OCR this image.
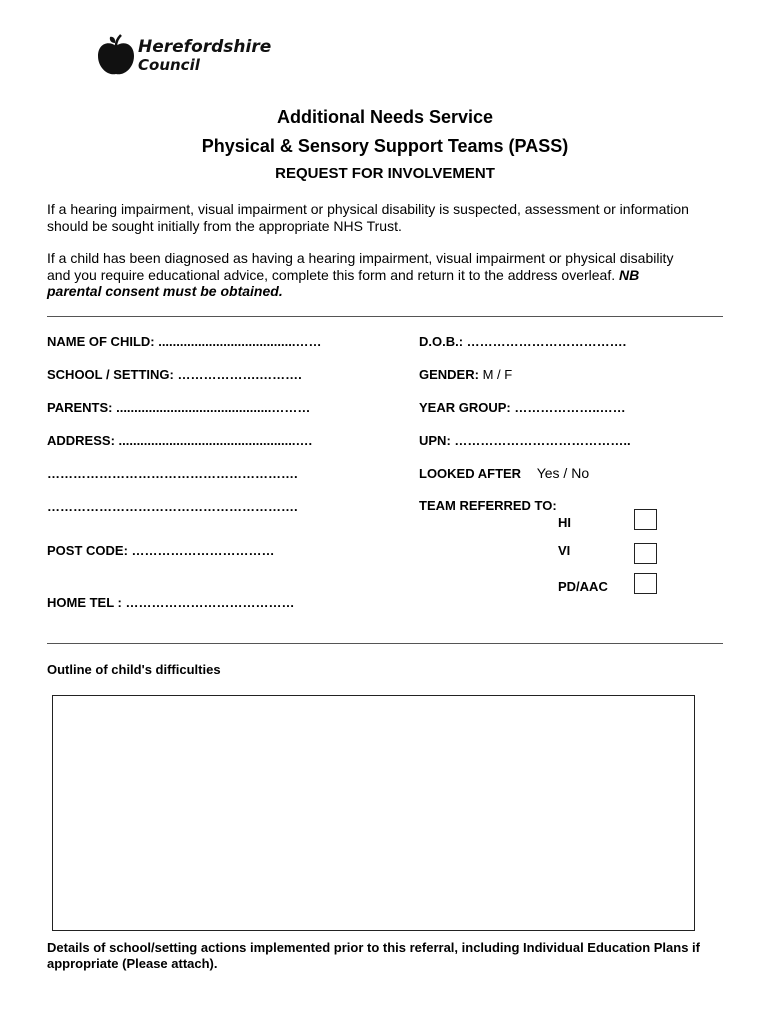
Herefordshire
Council
Additional Needs Service
Physical & Sensory Support Teams (PASS)
REQUEST FOR INVOLVEMENT
If a hearing impairment, visual impairment or physical disability is suspected, assessment or information should be sought initially from the appropriate NHS Trust.
If a child has been diagnosed as having a hearing impairment, visual impairment or physical disability and you require educational advice, complete this form and return it to the address overleaf. NB parental consent must be obtained.
NAME OF CHILD: ......................................……
SCHOOL / SETTING: ……………….……….
PARENTS: ...........................................………
ADDRESS: .................................................….
………………………………………………….
………………………………………………….
POST CODE: ……………………………
HOME TEL : …………………………………
D.O.B.: ……………………………….
GENDER: M / F
YEAR GROUP: ………………..……
UPN: …………………………………..
LOOKED AFTER Yes / No
TEAM REFERRED TO:
HI
VI
PD/AAC
Outline of child's difficulties
Details of school/setting actions implemented prior to this referral, including Individual Education Plans if appropriate (Please attach).
